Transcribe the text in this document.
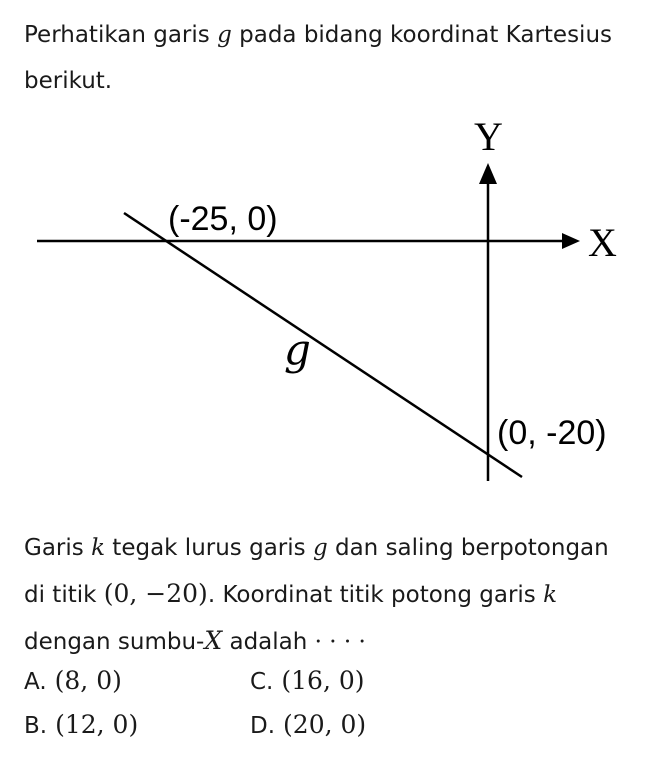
Perhatikan garis g pada bidang koordinat Kartesius berikut.

Y
X
(-25, 0)
(0, -20)
g

Garis k tegak lurus garis g dan saling berpotongan di titik (0, −20). Koordinat titik potong garis k dengan sumbu-X adalah · · · ·

A. (8, 0)
B. (12, 0)
C. (16, 0)
D. (20, 0)
